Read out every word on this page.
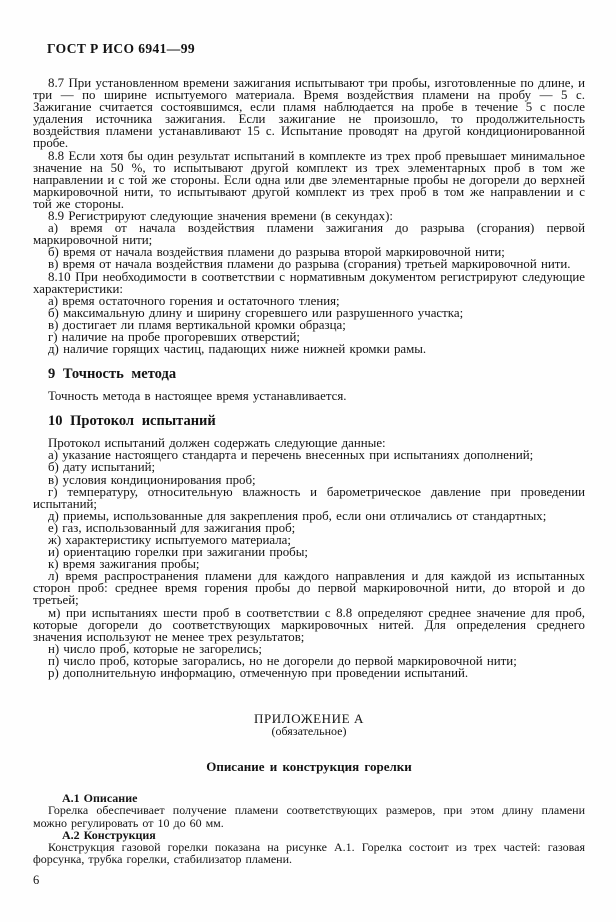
ГОСТ Р ИСО 6941—99

8.7 При установленном времени зажигания испытывают три пробы, изготовленные по длине, и три — по ширине испытуемого материала. Время воздействия пламени на пробу — 5 с. Зажигание считается состоявшимся, если пламя наблюдается на пробе в течение 5 с после удаления источника зажигания. Если зажигание не произошло, то продолжительность воздействия пламени устанавливают 15 с. Испытание проводят на другой кондиционированной пробе.

8.8 Если хотя бы один результат испытаний в комплекте из трех проб превышает минимальное значение на 50 %, то испытывают другой комплект из трех элементарных проб в том же направлении и с той же стороны. Если одна или две элементарные пробы не догорели до верхней маркировочной нити, то испытывают другой комплект из трех проб в том же направлении и с той же стороны.

8.9 Регистрируют следующие значения времени (в секундах):

а) время от начала воздействия пламени зажигания до разрыва (сгорания) первой маркировочной нити;

б) время от начала воздействия пламени до разрыва второй маркировочной нити;

в) время от начала воздействия пламени до разрыва (сгорания) третьей маркировочной нити.

8.10 При необходимости в соответствии с нормативным документом регистрируют следующие характеристики:

а) время остаточного горения и остаточного тления;

б) максимальную длину и ширину сгоревшего или разрушенного участка;

в) достигает ли пламя вертикальной кромки образца;

г) наличие на пробе прогоревших отверстий;

д) наличие горящих частиц, падающих ниже нижней кромки рамы.

9 Точность метода

Точность метода в настоящее время устанавливается.

10 Протокол испытаний

Протокол испытаний должен содержать следующие данные:

а) указание настоящего стандарта и перечень внесенных при испытаниях дополнений;

б) дату испытаний;

в) условия кондиционирования проб;

г) температуру, относительную влажность и барометрическое давление при проведении испытаний;

д) приемы, использованные для закрепления проб, если они отличались от стандартных;

е) газ, использованный для зажигания проб;

ж) характеристику испытуемого материала;

и) ориентацию горелки при зажигании пробы;

к) время зажигания пробы;

л) время распространения пламени для каждого направления и для каждой из испытанных сторон проб: среднее время горения пробы до первой маркировочной нити, до второй и до третьей;

м) при испытаниях шести проб в соответствии с 8.8 определяют среднее значение для проб, которые догорели до соответствующих маркировочных нитей. Для определения среднего значения используют не менее трех результатов;

н) число проб, которые не загорелись;

п) число проб, которые загорались, но не догорели до первой маркировочной нити;

р) дополнительную информацию, отмеченную при проведении испытаний.

ПРИЛОЖЕНИЕ А

(обязательное)

Описание и конструкция горелки

А.1 Описание

Горелка обеспечивает получение пламени соответствующих размеров, при этом длину пламени можно регулировать от 10 до 60 мм.

А.2 Конструкция

Конструкция газовой горелки показана на рисунке А.1. Горелка состоит из трех частей: газовая форсунка, трубка горелки, стабилизатор пламени.

6
